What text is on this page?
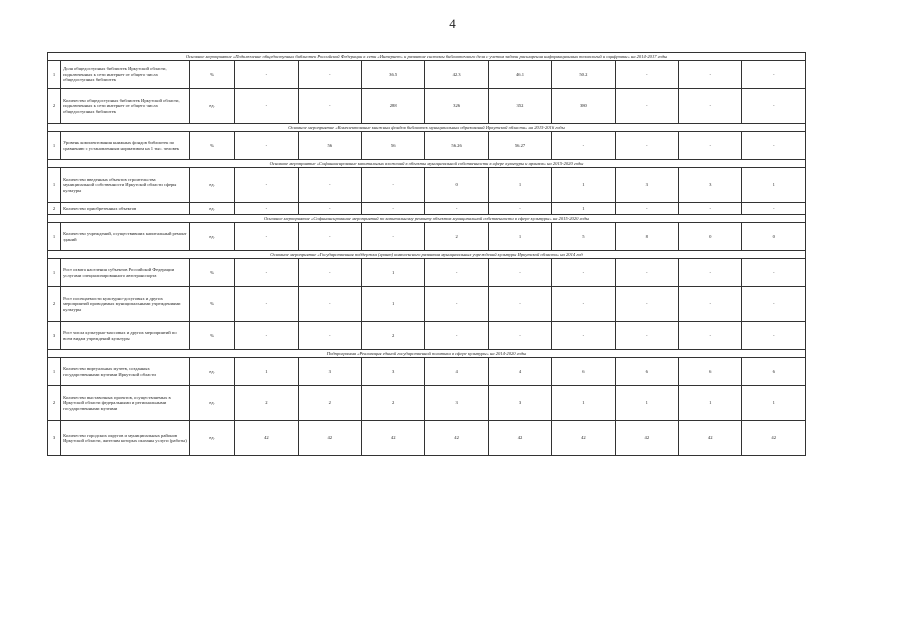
4
Основное мероприятие «Подключение общедоступных библиотек Российской Федерации к сети «Интернет» и развитие системы библиотечного дела с учетом задачи расширения информационных технологий и оцифровки» на 2014-2017 годы											
1	Доля общедоступных библиотек Иркутской области, подключенных к сети интернет от общего числа общедоступных библиотек	%	-	-	36.5	42.3	46.1	50.2	-	-	-
2	Количество общедоступных библиотек Иркутской области, подключенных к сети интернет от общего числа общедоступных библиотек	ед.	-	-	288	326	352	380	-	-	-
Основное мероприятие «Комплектование книжных фондов библиотек муниципальных образований Иркутской области» на 2015-2016 годы											
1	Уровень комплектования книжных фондов библиотек по сравнению с установленным нормативом на 1 тыс. человек	%	-	56	56	56.26	56.27	-	-	-	-
Основное мероприятие «Софинансирование капитальных вложений в объекты муниципальной собственности в сфере культуры и архивов» на 2015-2020 годы											
1	Количество введенных объектов строительства муниципальной собственности Иркутской области сферы культуры	ед.	-	-	-	0	1	1	3	3	1
2	Количество приобретенных объектов	ед.	-	-	-	-	-	1	-	-	-
Основное мероприятие «Софинансирование мероприятий по капитальному ремонту объектов муниципальной собственности в сфере культуры» на 2015-2020 годы											
1	Количество учреждений, осуществивших капитальный ремонт зданий	ед.	-	-	-	2	1	5	8	0	0
Основное мероприятие «Государственная поддержка (грант) комплексного развития муниципальных учреждений культуры Иркутской области» на 2014 год											
1	Рост охвата населения субъектов Российской Федерации услугами специализированного автотранспорта	%	-	-	1	-	-	-	-	-	-
2	Рост посещаемости культурно-досуговых и других мероприятий проводимых муниципальными учреждениями культуры	%	-	-	1	-	-	-	-	-	-
3	Рост числа культурно-массовых и других мероприятий по всем видам учреждений культуры	%	-	-	2	-	-	-	-	-	-
Подпрограмма «Реализация единой государственной политики в сфере культуры» на 2014-2020 годы											
1	Количество виртуальных музеев, созданных государственными музеями Иркутской области	ед.	1	3	3	4	4	6	6	6	6
2	Количество выставочных проектов, осуществляемых в Иркутской области федеральными и региональными государственными музеями	ед.	2	2	2	3	3	1	1	1	1
3	Количество городских округов и муниципальных районов Иркутской области, жителям которых оказаны услуги (работы)	ед.	42	42	42	42	42	42	42	42	42
